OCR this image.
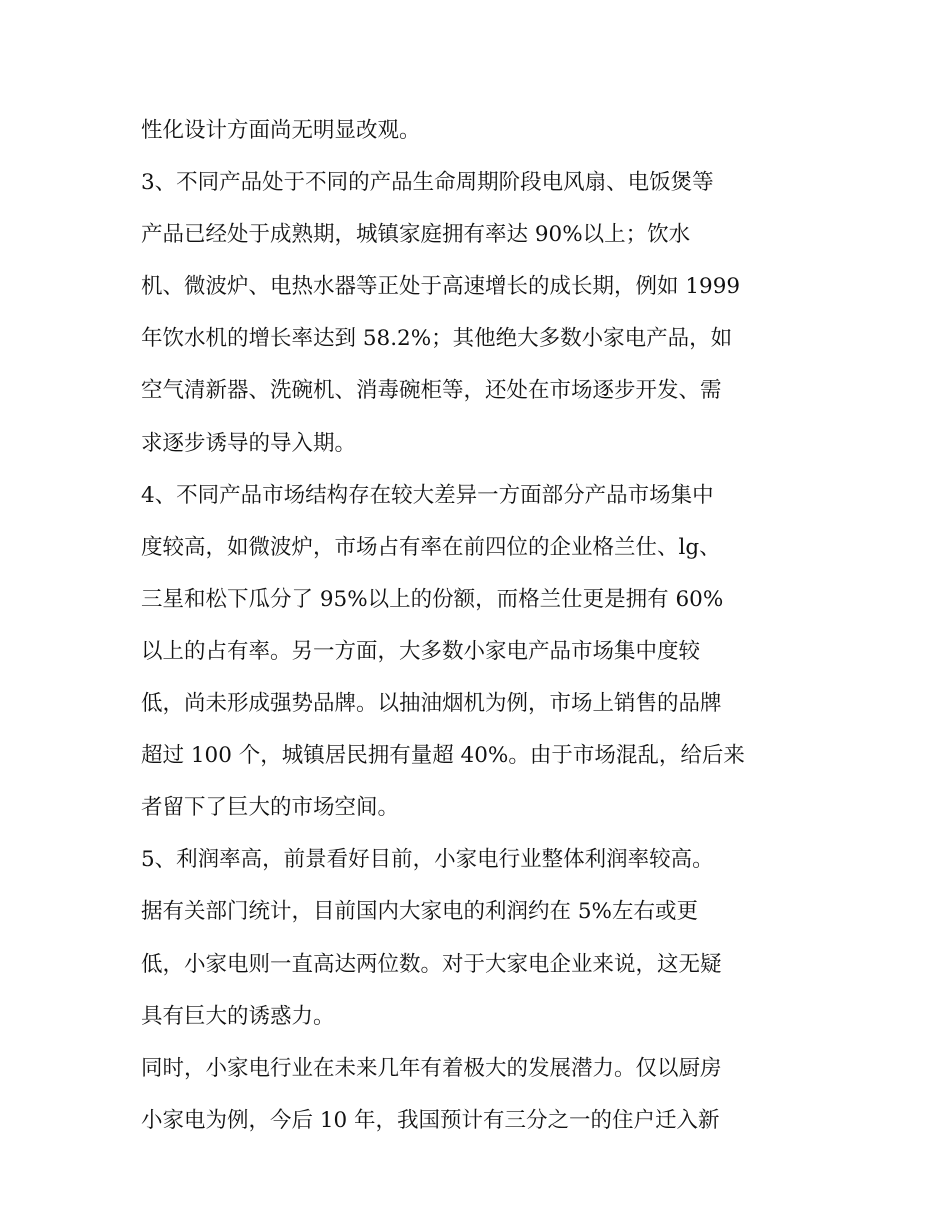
性化设计方面尚无明显改观。
3、不同产品处于不同的产品生命周期阶段电风扇、电饭煲等
产品已经处于成熟期，城镇家庭拥有率达 90%以上；饮水
机、微波炉、电热水器等正处于高速增长的成长期，例如 1999
年饮水机的增长率达到 58.2%；其他绝大多数小家电产品，如
空气清新器、洗碗机、消毒碗柜等，还处在市场逐步开发、需
求逐步诱导的导入期。
4、不同产品市场结构存在较大差异一方面部分产品市场集中
度较高，如微波炉，市场占有率在前四位的企业格兰仕、lg、
三星和松下瓜分了 95%以上的份额，而格兰仕更是拥有 60%
以上的占有率。另一方面，大多数小家电产品市场集中度较
低，尚未形成强势品牌。以抽油烟机为例，市场上销售的品牌
超过 100 个，城镇居民拥有量超 40%。由于市场混乱，给后来
者留下了巨大的市场空间。
5、利润率高，前景看好目前，小家电行业整体利润率较高。
据有关部门统计，目前国内大家电的利润约在 5%左右或更
低，小家电则一直高达两位数。对于大家电企业来说，这无疑
具有巨大的诱惑力。
同时，小家电行业在未来几年有着极大的发展潜力。仅以厨房
小家电为例，今后 10 年，我国预计有三分之一的住户迁入新
